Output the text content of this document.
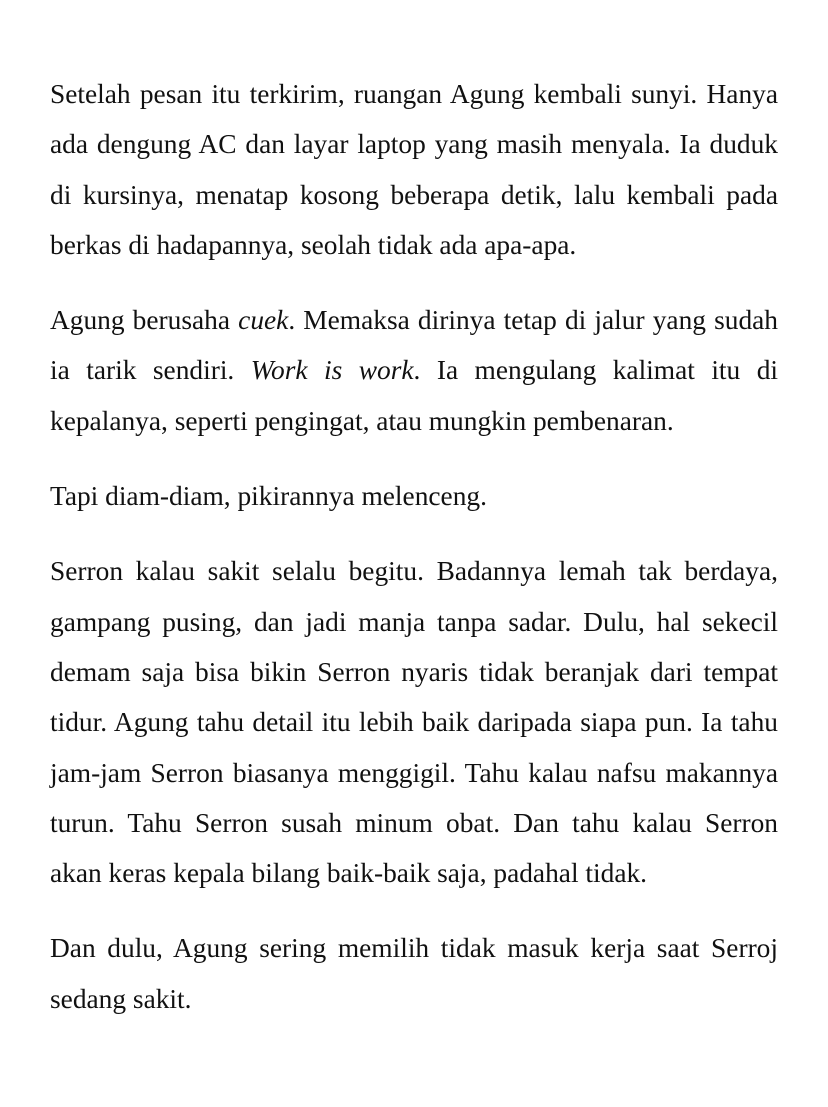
Setelah pesan itu terkirim, ruangan Agung kembali sunyi. Hanya ada dengung AC dan layar laptop yang masih menyala. Ia duduk di kursinya, menatap kosong beberapa detik, lalu kembali pada berkas di hadapannya, seolah tidak ada apa-apa.

Agung berusaha cuek. Memaksa dirinya tetap di jalur yang sudah ia tarik sendiri. Work is work. Ia mengulang kalimat itu di kepalanya, seperti pengingat, atau mungkin pembenaran.

Tapi diam-diam, pikirannya melenceng.

Serron kalau sakit selalu begitu. Badannya lemah tak berdaya, gampang pusing, dan jadi manja tanpa sadar. Dulu, hal sekecil demam saja bisa bikin Serron nyaris tidak beranjak dari tempat tidur. Agung tahu detail itu lebih baik daripada siapa pun. Ia tahu jam-jam Serron biasanya menggigil. Tahu kalau nafsu makannya turun. Tahu Serron susah minum obat. Dan tahu kalau Serron akan keras kepala bilang baik-baik saja, padahal tidak.

Dan dulu, Agung sering memilih tidak masuk kerja saat Serroj sedang sakit.
